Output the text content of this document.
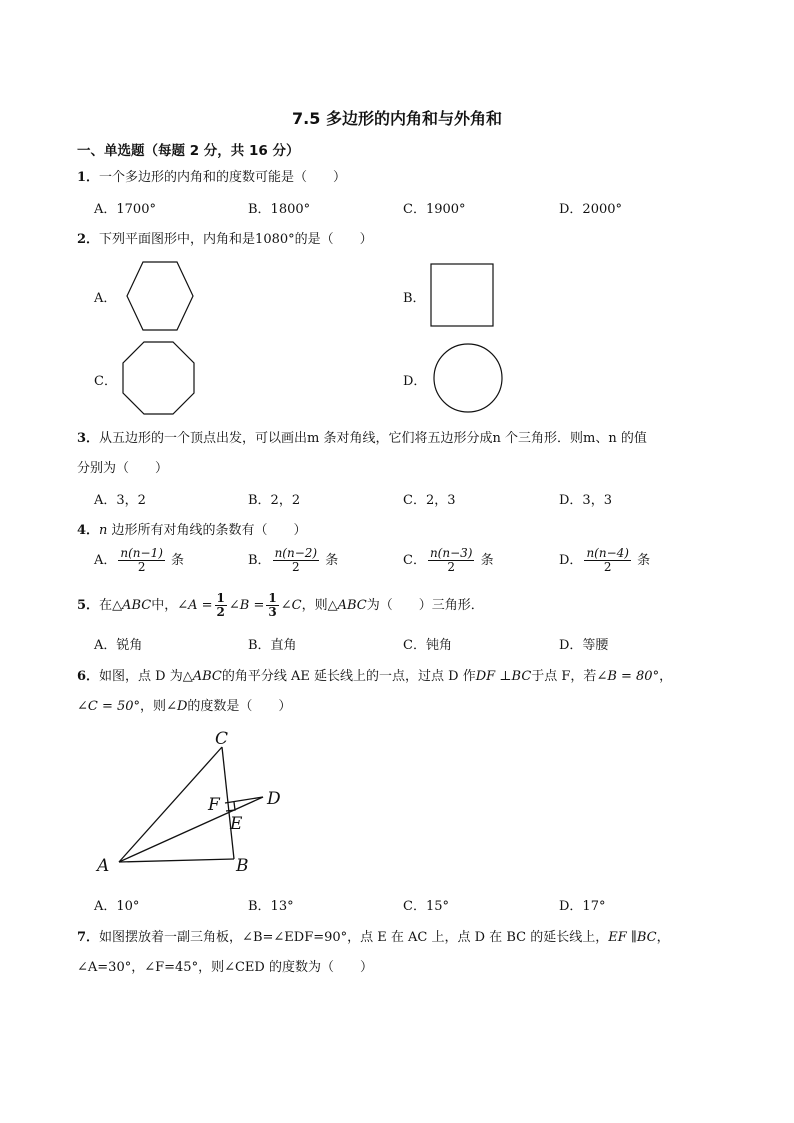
7.5 多边形的内角和与外角和
一、单选题（每题 2 分，共 16 分）
1．一个多边形的内角和的度数可能是（　　）
A．1700°	B．1800°	C．1900°	D．2000°
2．下列平面图形中，内角和是1080°的是（　　）
A．	B．
C．	D．
3．从五边形的一个顶点出发，可以画出m 条对角线，它们将五边形分成n 个三角形．则m、n 的值
分别为（　　）
A．3，2	B．2，2	C．2，3	D．3，3
4．n 边形所有对角线的条数有（　　）
A． $\frac{n(n-1)}{2}$ 条	B． $\frac{n(n-2)}{2}$ 条	C． $\frac{n(n-3)}{2}$ 条	D． $\frac{n(n-4)}{2}$ 条
5．在△ABC中，∠A = $\frac{1}{2}$ ∠B = $\frac{1}{3}$ ∠C，则△ABC为（　　）三角形．
A．锐角	B．直角	C．钝角	D．等腰
6．如图，点 D 为△ABC的角平分线 AE 延长线上的一点，过点 D 作DF ⊥BC于点 F，若∠B = 80°，
∠C = 50°，则∠D的度数是（　　）
C
D
F
E
A	B
A．10°	B．13°	C．15°	D．17°
7．如图摆放着一副三角板，∠B=∠EDF=90°，点 E 在 AC 上，点 D 在 BC 的延长线上，EF ∥BC，
∠A=30°，∠F=45°，则∠CED 的度数为（　　）
